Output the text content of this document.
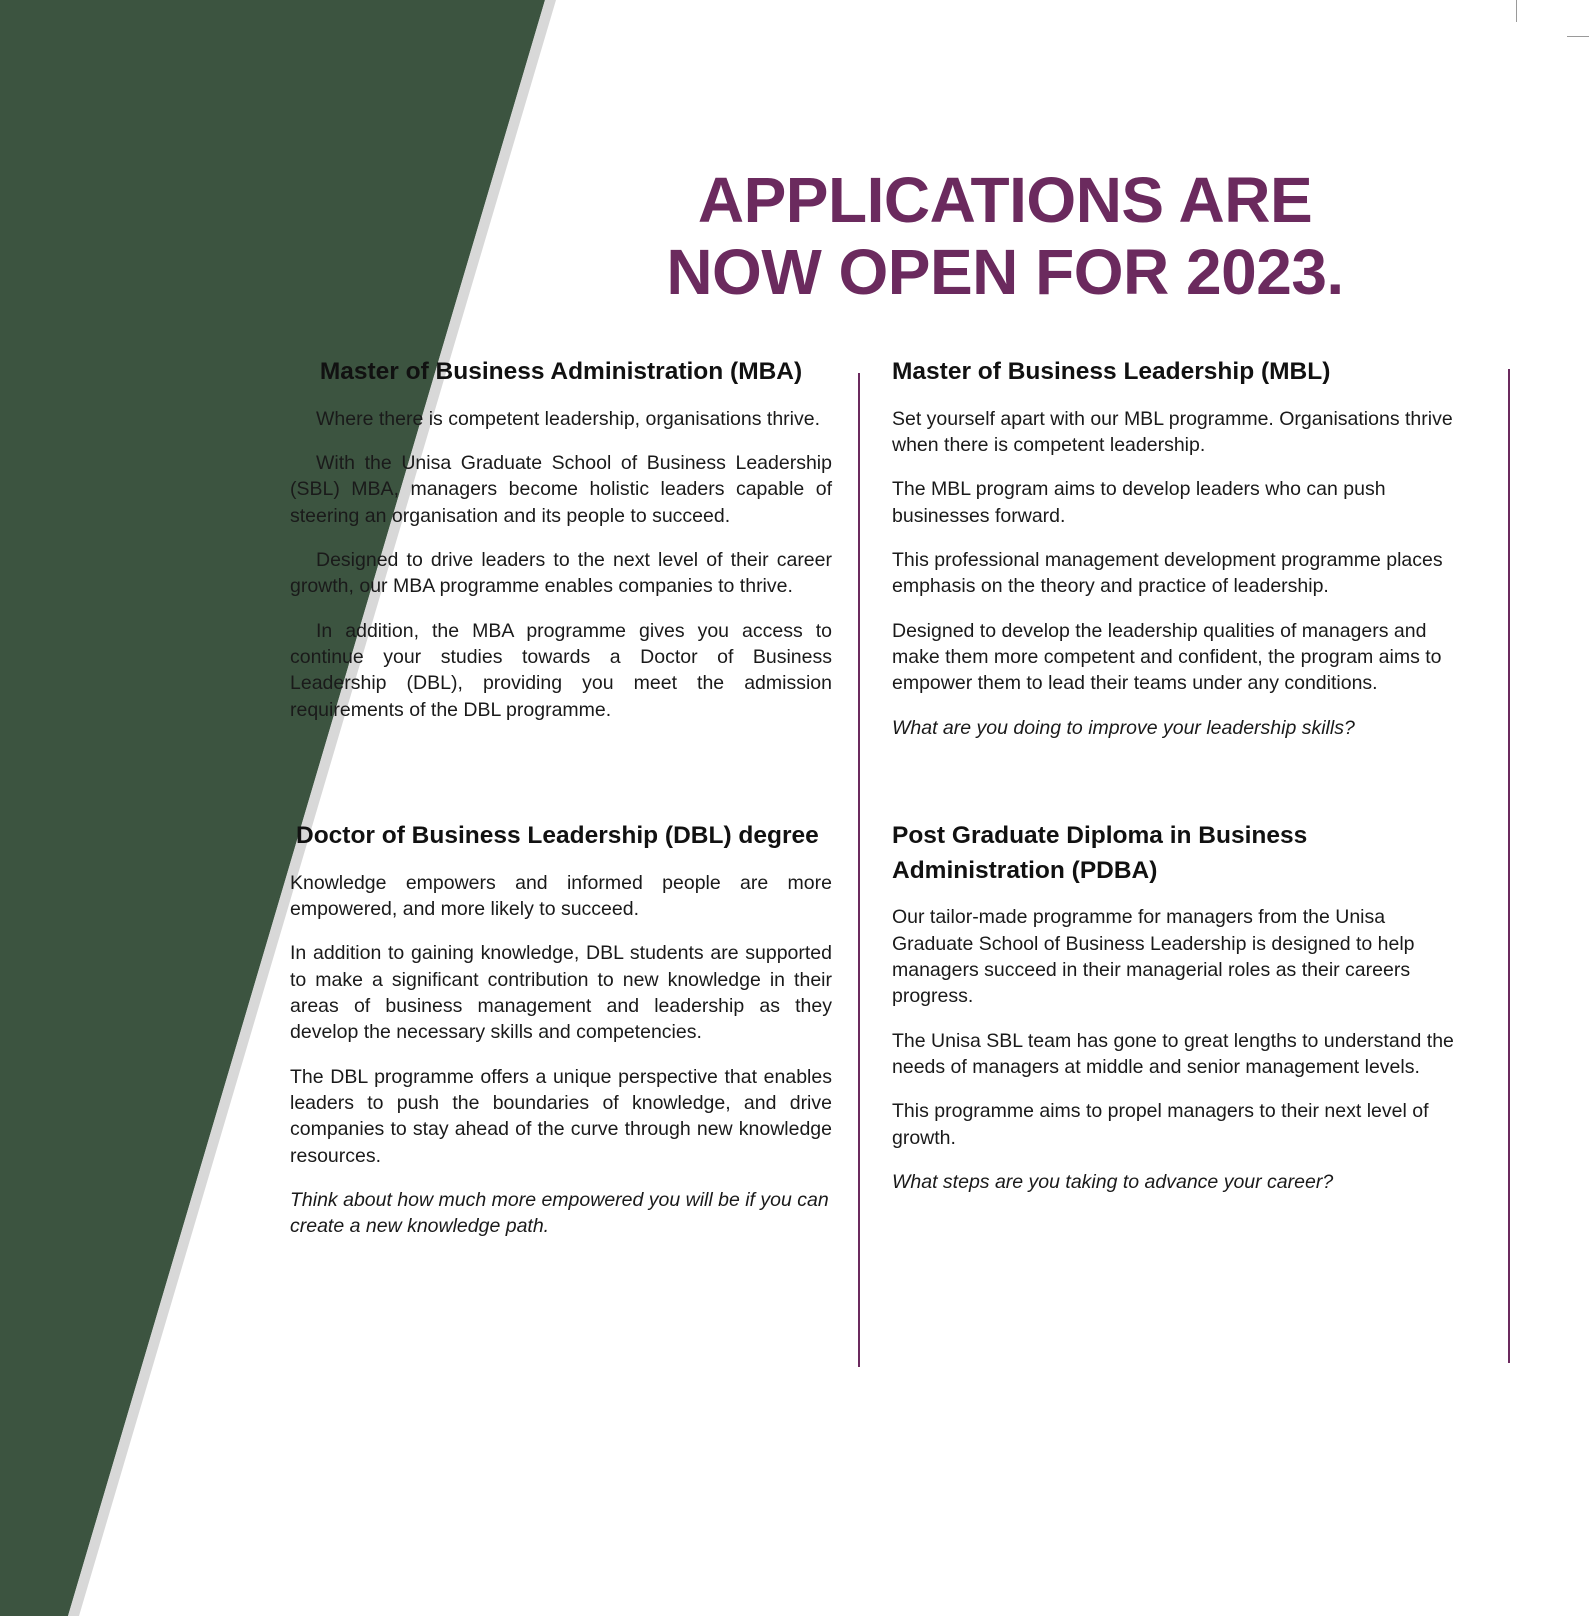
APPLICATIONS ARE
NOW OPEN FOR 2023.
Master of Business Administration (MBA)

Where there is competent leadership, organisations thrive.

With the Unisa Graduate School of Business Leadership (SBL) MBA, managers become holistic leaders capable of steering an organisation and its people to succeed.

Designed to drive leaders to the next level of their career growth, our MBA programme enables companies to thrive.

In addition, the MBA programme gives you access to continue your studies towards a Doctor of Business Leadership (DBL), providing you meet the admission requirements of the DBL programme.

Master of Business Leadership (MBL)

Set yourself apart with our MBL programme. Organisations thrive when there is competent leadership.

The MBL program aims to develop leaders who can push businesses forward.

This professional management development programme places emphasis on the theory and practice of leadership.

Designed to develop the leadership qualities of managers and make them more competent and confident, the program aims to empower them to lead their teams under any conditions.

What are you doing to improve your leadership skills?

Doctor of Business Leadership (DBL) degree

Knowledge empowers and informed people are more empowered, and more likely to succeed.

In addition to gaining knowledge, DBL students are supported to make a significant contribution to new knowledge in their areas of business management and leadership as they develop the necessary skills and competencies.

The DBL programme offers a unique perspective that enables leaders to push the boundaries of knowledge, and drive companies to stay ahead of the curve through new knowledge resources.

Think about how much more empowered you will be if you can create a new knowledge path.

Post Graduate Diploma in Business Administration (PDBA)

Our tailor-made programme for managers from the Unisa Graduate School of Business Leadership is designed to help managers succeed in their managerial roles as their careers progress.

The Unisa SBL team has gone to great lengths to understand the needs of managers at middle and senior management levels.

This programme aims to propel managers to their next level of growth.

What steps are you taking to advance your career?
